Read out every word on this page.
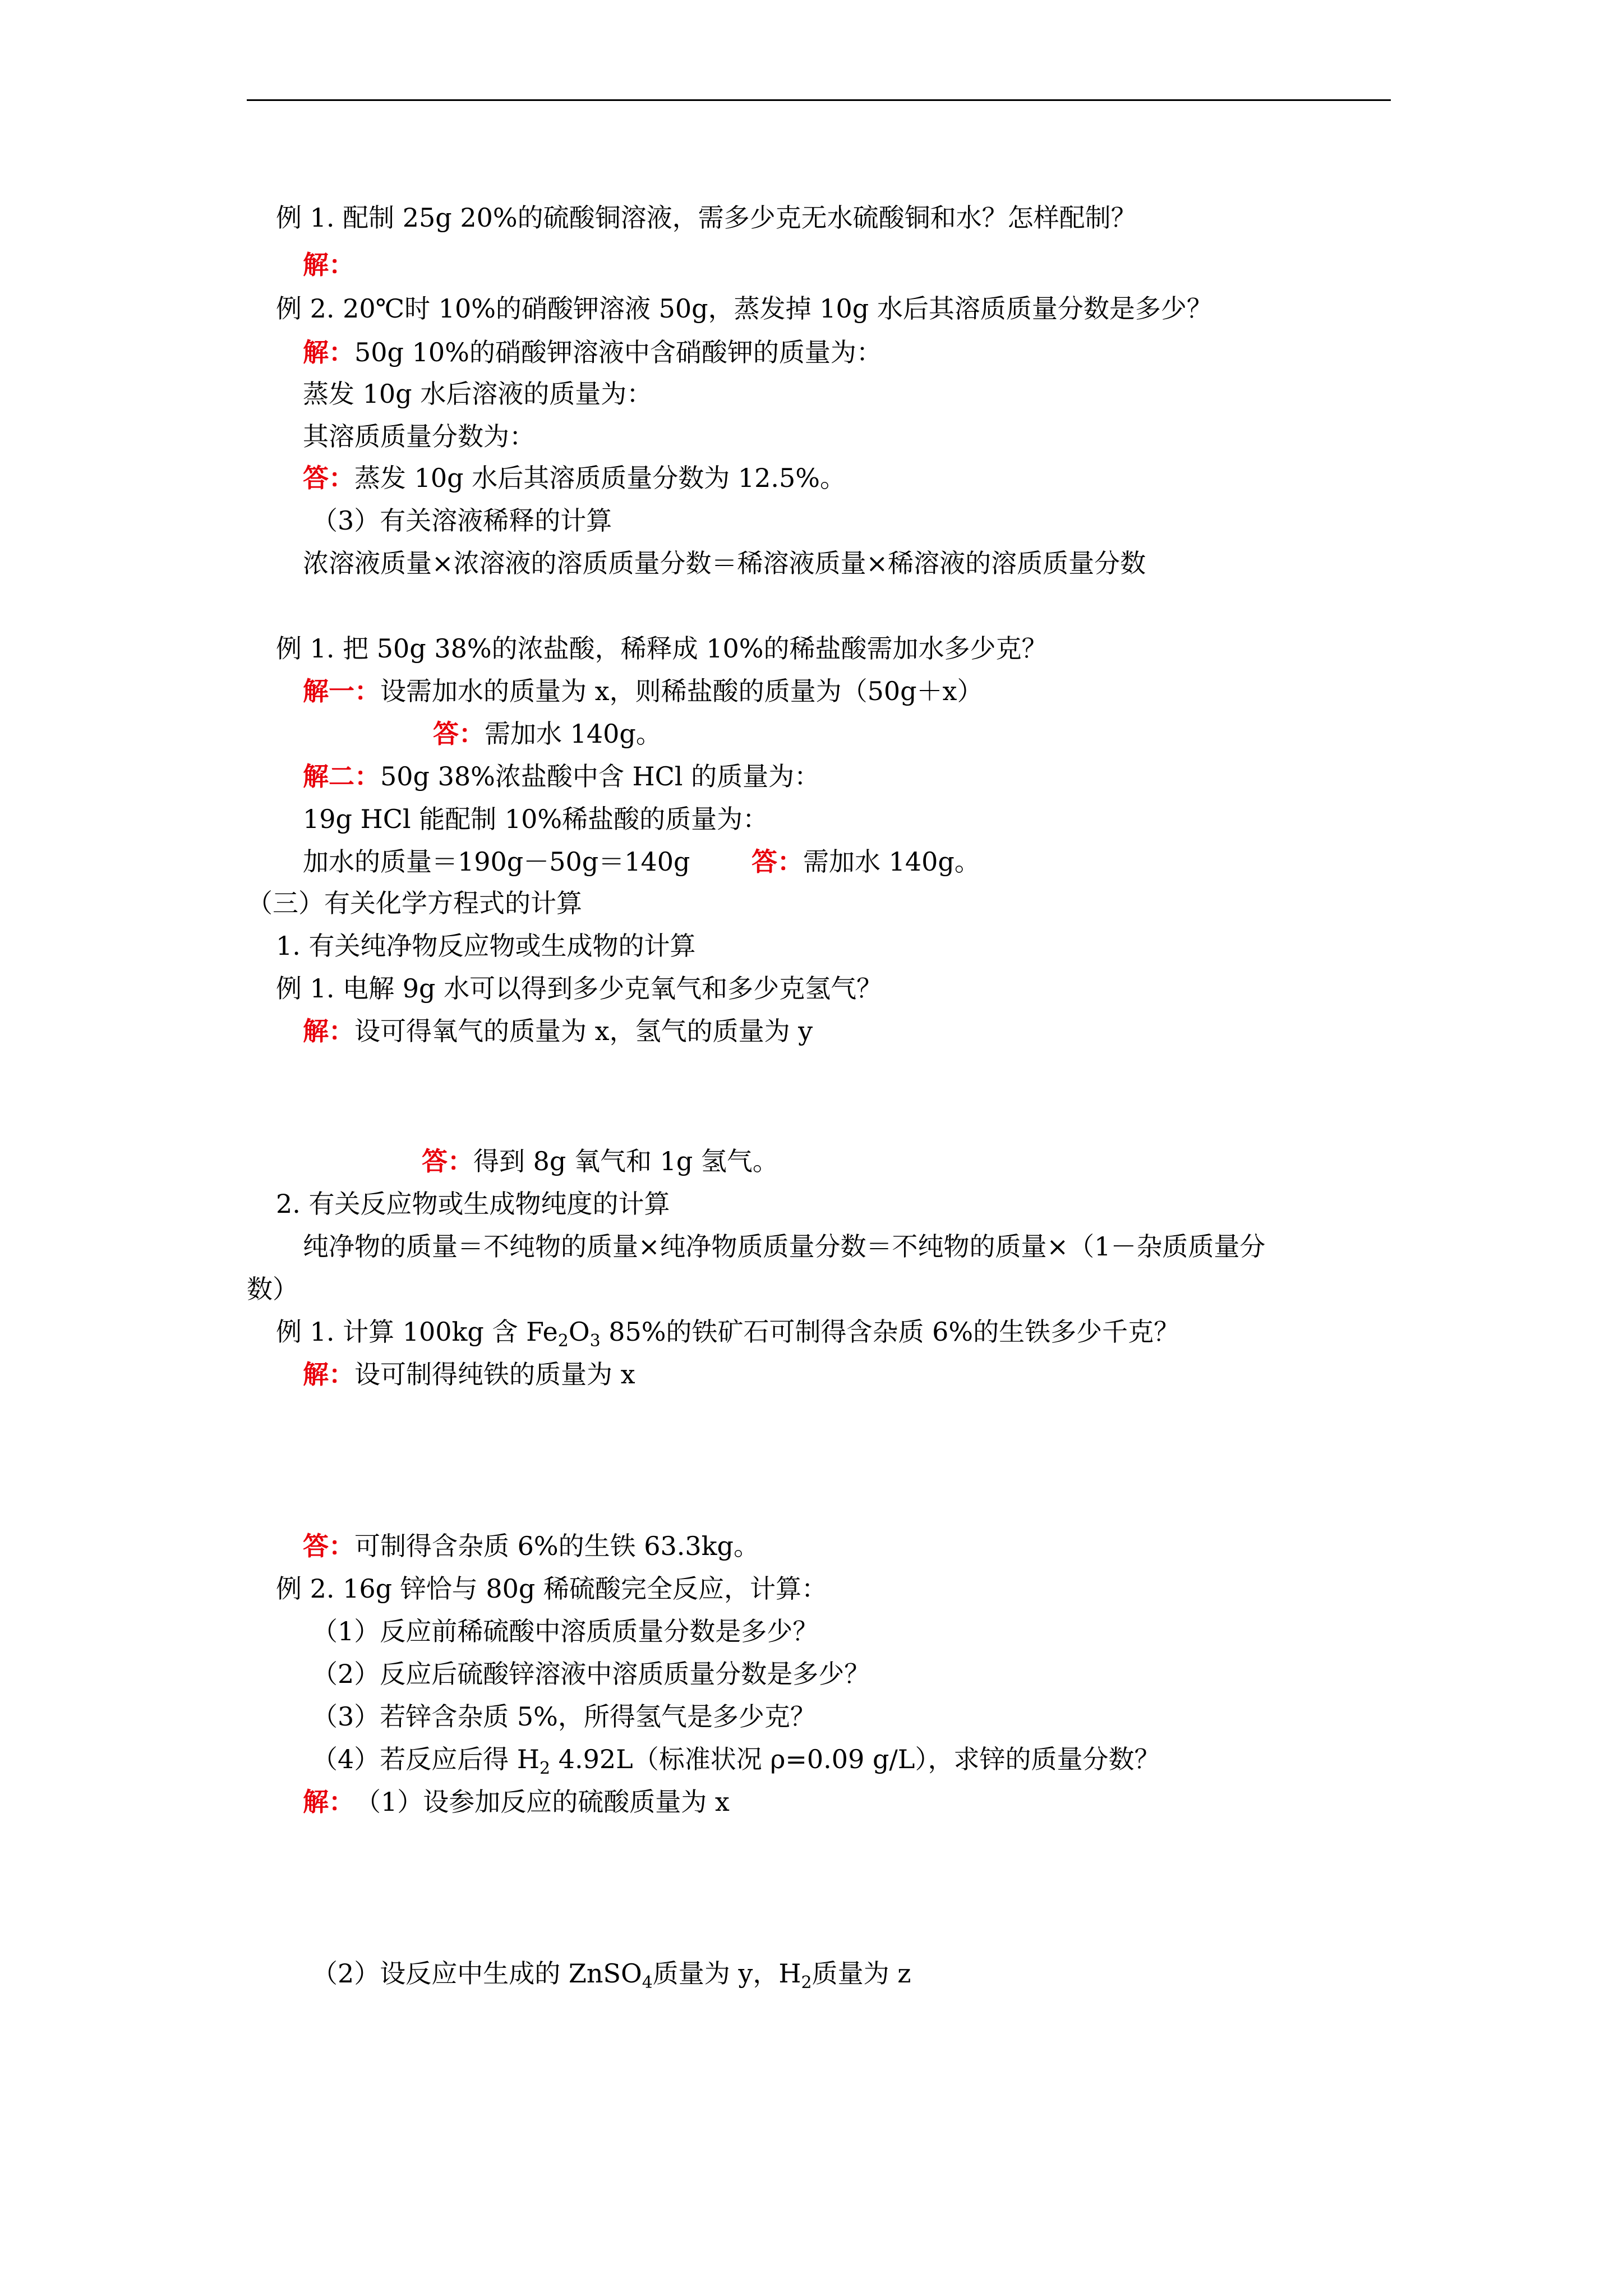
例 1. 配制 25g 20%的硫酸铜溶液，需多少克无水硫酸铜和水？怎样配制？
解：
例 2. 20℃时 10%的硝酸钾溶液 50g，蒸发掉 10g 水后其溶质质量分数是多少？
解：50g 10%的硝酸钾溶液中含硝酸钾的质量为：
蒸发 10g 水后溶液的质量为：
其溶质质量分数为：
答：蒸发 10g 水后其溶质质量分数为 12.5%。
（3）有关溶液稀释的计算
浓溶液质量×浓溶液的溶质质量分数＝稀溶液质量×稀溶液的溶质质量分数
例 1. 把 50g 38%的浓盐酸，稀释成 10%的稀盐酸需加水多少克？
解一：设需加水的质量为 x，则稀盐酸的质量为（50g＋x）
答：需加水 140g。
解二：50g 38%浓盐酸中含 HCl 的质量为：
19g HCl 能配制 10%稀盐酸的质量为：
加水的质量＝190g－50g＝140g 答：需加水 140g。
（三）有关化学方程式的计算
1. 有关纯净物反应物或生成物的计算
例 1. 电解 9g 水可以得到多少克氧气和多少克氢气？
解：设可得氧气的质量为 x，氢气的质量为 y
答：得到 8g 氧气和 1g 氢气。
2. 有关反应物或生成物纯度的计算
纯净物的质量＝不纯物的质量×纯净物质质量分数＝不纯物的质量×（1－杂质质量分
数）
例 1. 计算 100kg 含 $Fe_2O_3$ 85%的铁矿石可制得含杂质 6%的生铁多少千克？
解：设可制得纯铁的质量为 x
答：可制得含杂质 6%的生铁 63.3kg。
例 2. 16g 锌恰与 80g 稀硫酸完全反应，计算：
（1）反应前稀硫酸中溶质质量分数是多少？
（2）反应后硫酸锌溶液中溶质质量分数是多少？
（3）若锌含杂质 5%，所得氢气是多少克？
（4）若反应后得 $H_2$ 4.92L（标准状况 ρ=0.09 g/L），求锌的质量分数？
解： （1）设参加反应的硫酸质量为 x
（2）设反应中生成的 ZnSO$_4$质量为 y，$H_2$质量为 z
